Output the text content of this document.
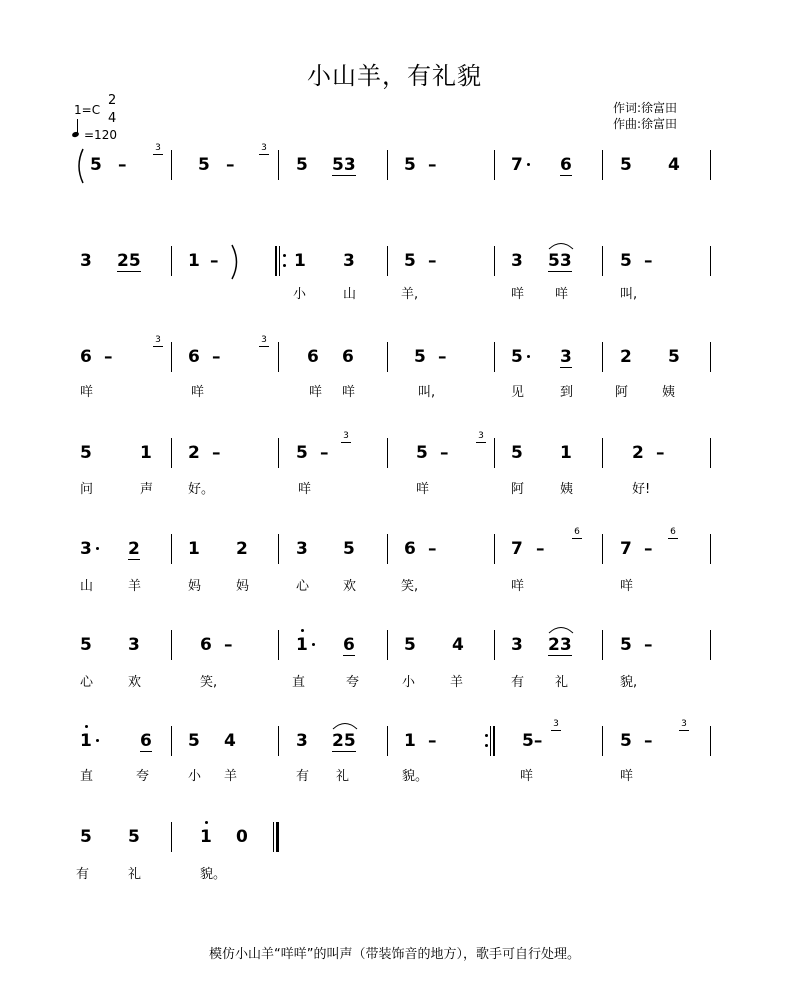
小山羊，有礼貌
1=C
2
4
=120
作词:徐富田
作曲:徐富田
5 –
3
5 –
3
5 53	5 –	7 6	5 4
3 25	1 –	1 3	5 –	3 53	5 –
小	山	羊,	咩 咩	叫,
6 –
3
6 –
3
6 6	5 –	5 3	2 5
咩	咩	咩 咩	叫,	见	到	阿	姨
5	1 2 –	5 –
3
5 –
3
5 1	2 –
问	声	好。	咩	咩	阿	姨	好!
3 2	1 2	3 5	6 –	7 –
6
7 –
6
山	羊	妈	妈	心	欢	笑,	咩	咩
5 3	6 –	1 6	5 4	3 23	5 –
心	欢	笑,	直	夸	小	羊	有 礼	貌,
1	6 5 4	3 25	1 –	5–
3
5 –
3
直	夸	小 羊	有 礼	貌。	咩	咩
5 5	1 0
有	礼	貌。
模仿小山羊“咩咩”的叫声（带装饰音的地方），歌手可自行处理。
